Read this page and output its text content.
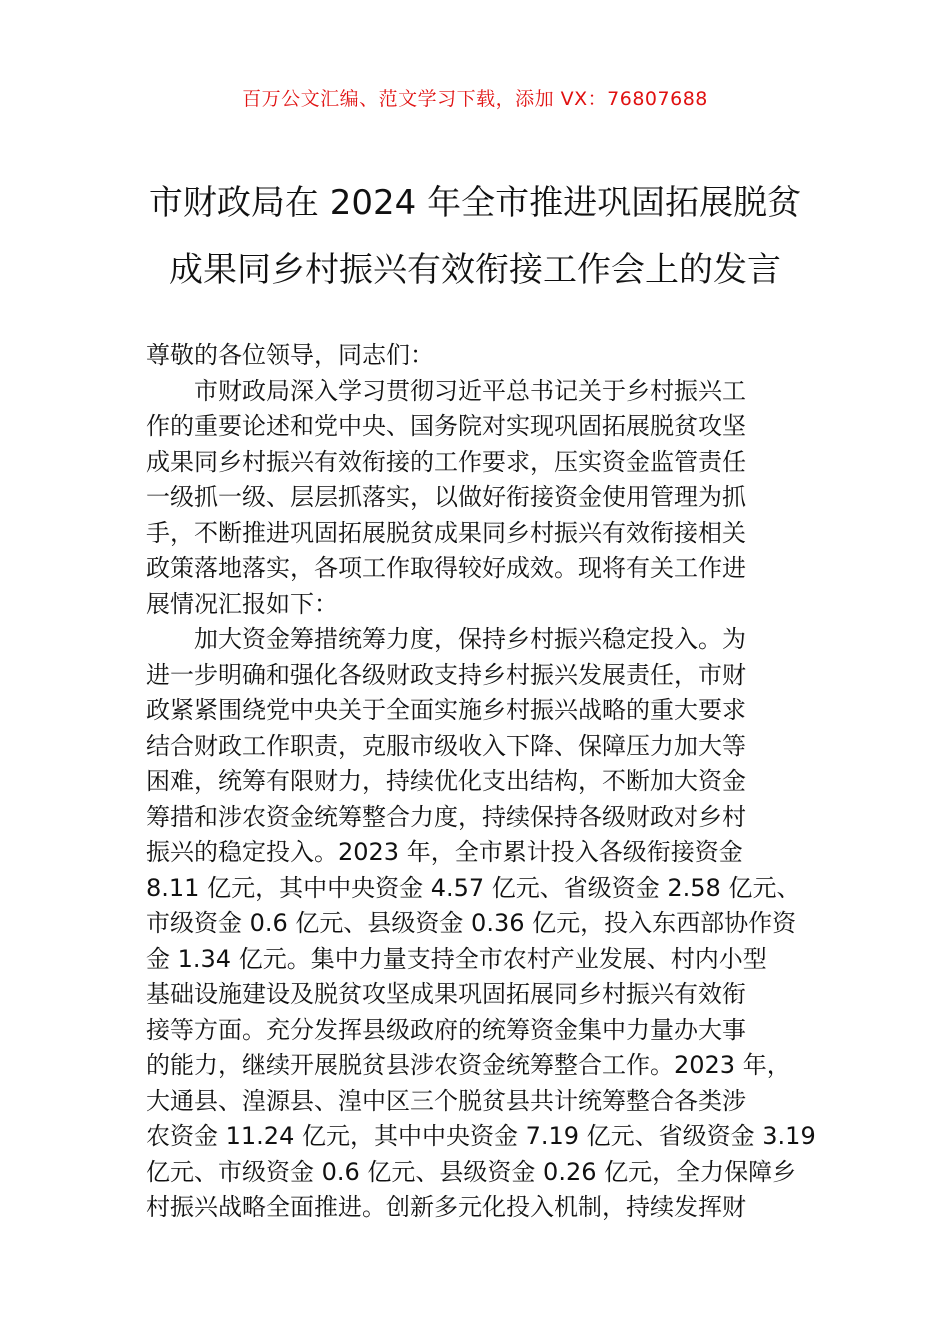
百万公文汇编、范文学习下载，添加 VX：76807688
市财政局在 2024 年全市推进巩固拓展脱贫
成果同乡村振兴有效衔接工作会上的发言
尊敬的各位领导，同志们：
　　市财政局深入学习贯彻习近平总书记关于乡村振兴工
作的重要论述和党中央、国务院对实现巩固拓展脱贫攻坚
成果同乡村振兴有效衔接的工作要求，压实资金监管责任
一级抓一级、层层抓落实，以做好衔接资金使用管理为抓
手，不断推进巩固拓展脱贫成果同乡村振兴有效衔接相关
政策落地落实，各项工作取得较好成效。现将有关工作进
展情况汇报如下：
　　加大资金筹措统筹力度，保持乡村振兴稳定投入。为
进一步明确和强化各级财政支持乡村振兴发展责任，市财
政紧紧围绕党中央关于全面实施乡村振兴战略的重大要求
结合财政工作职责，克服市级收入下降、保障压力加大等
困难，统筹有限财力，持续优化支出结构，不断加大资金
筹措和涉农资金统筹整合力度，持续保持各级财政对乡村
振兴的稳定投入。2023 年，全市累计投入各级衔接资金
8.11 亿元，其中中央资金 4.57 亿元、省级资金 2.58 亿元、
市级资金 0.6 亿元、县级资金 0.36 亿元，投入东西部协作资
金 1.34 亿元。集中力量支持全市农村产业发展、村内小型
基础设施建设及脱贫攻坚成果巩固拓展同乡村振兴有效衔
接等方面。充分发挥县级政府的统筹资金集中力量办大事
的能力，继续开展脱贫县涉农资金统筹整合工作。2023 年，
大通县、湟源县、湟中区三个脱贫县共计统筹整合各类涉
农资金 11.24 亿元，其中中央资金 7.19 亿元、省级资金 3.19
亿元、市级资金 0.6 亿元、县级资金 0.26 亿元，全力保障乡
村振兴战略全面推进。创新多元化投入机制，持续发挥财
